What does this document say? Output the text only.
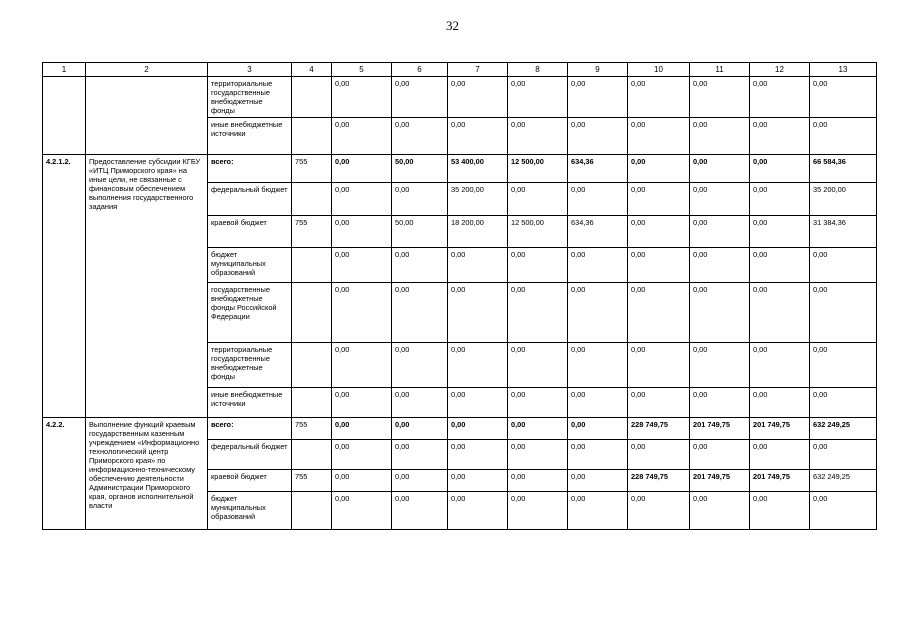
32
1	2	3	4	5	6	7	8	9	10	11	12	13
		территориальные государственные внебюджетные фонды		0,00	0,00	0,00	0,00	0,00	0,00	0,00	0,00	0,00
		иные внебюджетные источники		0,00	0,00	0,00	0,00	0,00	0,00	0,00	0,00	0,00
4.2.1.2.	Предоставление субсидии КГБУ «ИТЦ Приморского края» на иные цели, не связанные с финансовым обеспечением выполнения государственного задания	всего:	755	0,00	50,00	53 400,00	12 500,00	634,36	0,00	0,00	0,00	66 584,36
		федеральный бюджет		0,00	0,00	35 200,00	0,00	0,00	0,00	0,00	0,00	35 200,00
		краевой бюджет	755	0,00	50,00	18 200,00	12 500,00	634,36	0,00	0,00	0,00	31 384,36
		бюджет муниципальных образований		0,00	0,00	0,00	0,00	0,00	0,00	0,00	0,00	0,00
		государственные внебюджетные фонды Российской Федерации		0,00	0,00	0,00	0,00	0,00	0,00	0,00	0,00	0,00
		территориальные государственные внебюджетные фонды		0,00	0,00	0,00	0,00	0,00	0,00	0,00	0,00	0,00
		иные внебюджетные источники		0,00	0,00	0,00	0,00	0,00	0,00	0,00	0,00	0,00
4.2.2.	Выполнение функций краевым государственным казенным учреждением «Информационно технологический центр Приморского края» по информационно-техническому обеспечению деятельности Администрации Приморского края, органов исполнительной власти	всего:	755	0,00	0,00	0,00	0,00	0,00	228 749,75	201 749,75	201 749,75	632 249,25
		федеральный бюджет		0,00	0,00	0,00	0,00	0,00	0,00	0,00	0,00	0,00
		краевой бюджет	755	0,00	0,00	0,00	0,00	0,00	228 749,75	201 749,75	201 749,75	632 249,25
		бюджет муниципальных образований		0,00	0,00	0,00	0,00	0,00	0,00	0,00	0,00	0,00
